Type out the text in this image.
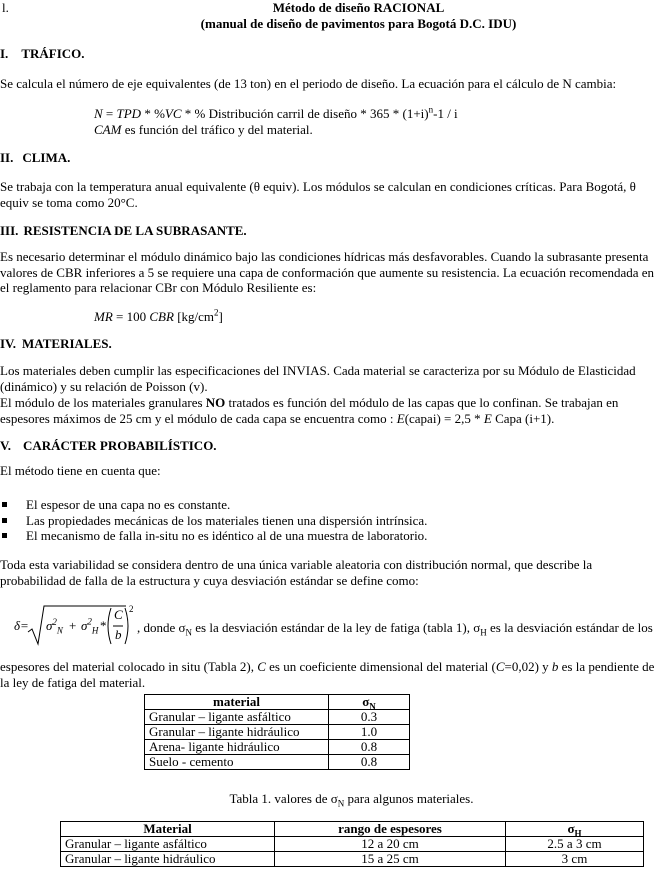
l.	Método de diseño RACIONAL
(manual de diseño de pavimentos para Bogotá D.C. IDU)
I. TRÁFICO.

Se calcula el número de eje equivalentes (de 13 ton) en el periodo de diseño. La ecuación para el cálculo de N cambia:

N = TPD * %VC * % Distribución carril de diseño * $365 * (1+i)^n-1 / i$
CAM es función del tráfico y del material.
II. CLIMA.

Se trabaja con la temperatura anual equivalente (θ equiv). Los módulos se calculan en condiciones críticas. Para Bogotá, θ equiv se toma como 20°C.

III. RESISTENCIA DE LA SUBRASANTE.

Es necesario determinar el módulo dinámico bajo las condiciones hídricas más desfavorables. Cuando la subrasante presenta valores de CBR inferiores a 5 se requiere una capa de conformación que aumente su resistencia. La ecuación recomendada en el reglamento para relacionar CBr con Módulo Resiliente es:

MR = 100 CBR $[kg/cm^2]$
IV. MATERIALES.

Los materiales deben cumplir las especificaciones del INVIAS. Cada material se caracteriza por su Módulo de Elasticidad (dinámico) y su relación de Poisson (v).

El módulo de los materiales granulares NO tratados es función del módulo de las capas que lo confinan. Se trabajan en espesores máximos de 25 cm y el módulo de cada capa se encuentra como : E(capai) = 2,5 * E Capa (i+1).

V. CARÁCTER PROBABILÍSTICO.

El método tiene en cuenta que:

El espesor de una capa no es constante.
Las propiedades mecánicas de los materiales tienen una dispersión intrínsica.
El mecanismo de falla in-situ no es idéntico al de una muestra de laboratorio.

Toda esta variabilidad se considera dentro de una única variable aleatoria con distribución normal, que describe la probabilidad de falla de la estructura y cuya desviación estándar se define como:

$\delta= \sigma^2_N + \sigma^2_H$ *
C
b
2
, donde $\sigma_N$ es la desviación estándar de la ley de fatiga (tabla 1), $\sigma_H$ es la desviación estándar de los

espesores del material colocado in situ (Tabla 2), C es un coeficiente dimensional del material (C=0,02) y b es la pendiente de la ley de fatiga del material.

material	$\sigma_N$
Granular – ligante asfáltico	0.3
Granular – ligante hidráulico	1.0
Arena- ligante hidráulico	0.8
Suelo - cemento	0.8
Tabla 1. valores de $\sigma_N$ para algunos materiales.
Material	rango de espesores	$\sigma_H$
Granular – ligante asfáltico	12 a 20 cm	2.5 a 3 cm
Granular – ligante hidráulico	15 a 25 cm	3 cm
